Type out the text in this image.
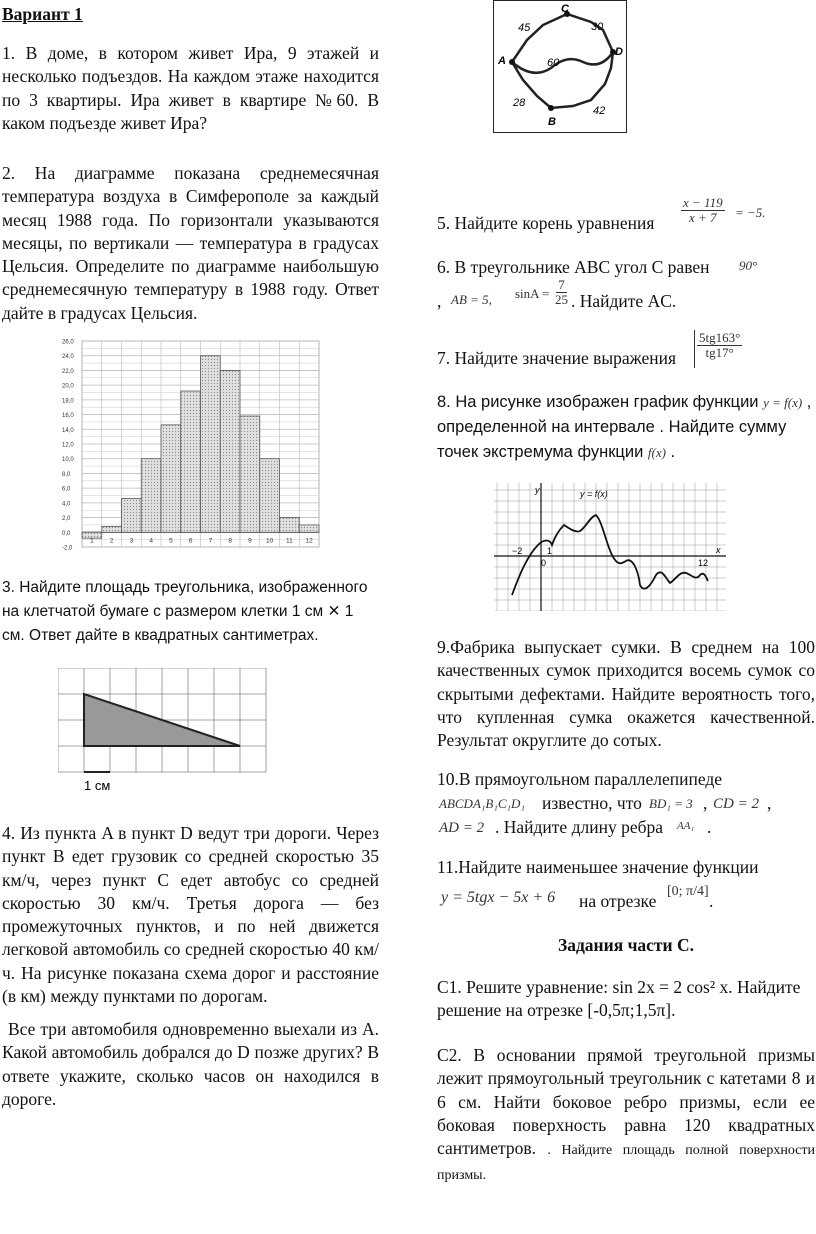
Вариант 1

1. В доме, в котором живет Ира, 9 этажей и несколько подъездов. На каждом этаже находится по 3 квартиры. Ира живет в квартире №60. В каком подъезде живет Ира?

2. На диаграмме показана среднемесячная температура воздуха в Симферополе за каждый месяц 1988 года. По горизонтали указываются месяцы, по вертикали — температура в градусах Цельсия. Определите по диаграмме наибольшую среднемесячную температуру в 1988 году. Ответ дайте в градусах Цельсия.

26,0
24,0
22,0
20,0
18,0
16,0
14,0
12,0
10,0
8,0
6,0
4,0
2,0
0,0
-2,0
1 2 3 4 5 6 7 8 9 10 11 12

3. Найдите площадь треугольника, изображенного на клетчатой бумаге с размером клетки 1 см ✕ 1 см. Ответ дайте в квадратных сантиметрах.

1 см

4. Из пункта A в пункт D ведут три дороги. Через пункт B едет грузовик со средней скоростью 35 км/ч, через пункт C едет автобус со средней скоростью 30 км/ч. Третья дорога — без промежуточных пунктов, и по ней движется легковой автомобиль со средней скоростью 40 км/ч. На рисунке показана схема дорог и расстояние (в км) между пунктами по дорогам.

Все три автомобиля одновременно выехали из A. Какой автомобиль добрался до D позже других? В ответе укажите, сколько часов он находился в дороге.

A
C
D
B
45	30
60
28
42
5. Найдите корень уравнения $\frac{x - 119}{x + 7} = -5$.
6. В треугольнике ABC угол C равен 90°
, AB = 5, $\sin A = \frac{7}{25}$ . Найдите AC.
7. Найдите значение выражения $\frac{5tg163^\circ}{tg17^\circ}$
8. На рисунке изображен график функции y = f(x) , определенной на интервале . Найдите сумму точек экстремума функции f(x) .
y
x
y = f(x)
−2	1
0	12

9.Фабрика выпускает сумки. В среднем на 100 качественных сумок приходится восемь сумок со скрытыми дефектами. Найдите вероятность того, что купленная сумка окажется качественной. Результат округлите до сотых.

10.В прямоугольном параллелепипеде
ABCDA₁B₁C₁D₁ известно, что BD₁ = 3 , CD = 2 ,
AD = 2 . Найдите длину ребра AA₁ .
11.Найдите наименьшее значение функции
y = 5tgx − 5x + 6 на отрезке [0; π/4] .
Задания части С.

С1. Решите уравнение: sin 2x = 2 cos² x. Найдите решение на отрезке [-0,5π;1,5π].

С2. В основании прямой треугольной призмы лежит прямоугольный треугольник с катетами 8 и 6 см. Найти боковое ребро призмы, если ее боковая поверхность равна 120 квадратных сантиметров. . Найдите площадь полной поверхности призмы.
